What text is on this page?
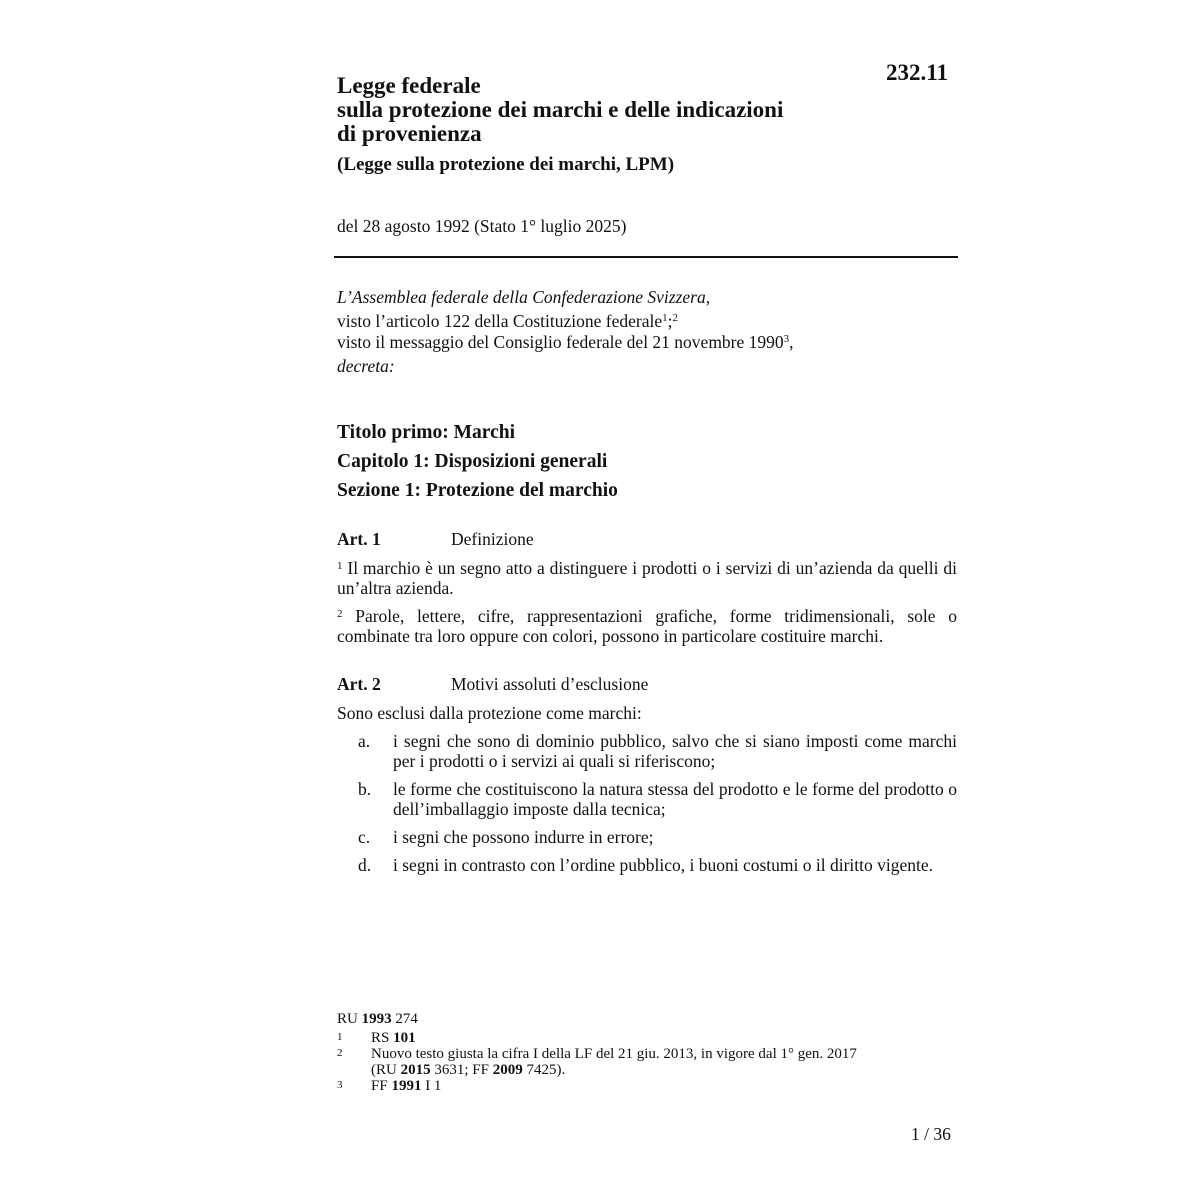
232.11
Legge federale
sulla protezione dei marchi e delle indicazioni
di provenienza
(Legge sulla protezione dei marchi, LPM)
del 28 agosto 1992 (Stato 1° luglio 2025)
L’Assemblea federale della Confederazione Svizzera,
visto l’articolo 122 della Costituzione federale$^1$;$^2$
visto il messaggio del Consiglio federale del 21 novembre 1990$^3$,
decreta:
Titolo primo: Marchi
Capitolo 1: Disposizioni generali
Sezione 1: Protezione del marchio
Art. 1	Definizione
$^1$ Il marchio è un segno atto a distinguere i prodotti o i servizi di un’azienda da quelli di un’altra azienda.
$^2$ Parole, lettere, cifre, rappresentazioni grafiche, forme tridimensionali, sole o combinate tra loro oppure con colori, possono in particolare costituire marchi.
Art. 2	Motivi assoluti d’esclusione
Sono esclusi dalla protezione come marchi:
a.	i segni che sono di dominio pubblico, salvo che si siano imposti come marchi per i prodotti o i servizi ai quali si riferiscono;
b.	le forme che costituiscono la natura stessa del prodotto e le forme del prodotto o dell’imballaggio imposte dalla tecnica;
c.	i segni che possono indurre in errore;
d.	i segni in contrasto con l’ordine pubblico, i buoni costumi o il diritto vigente.
RU 1993 274
1	RS 101
2	Nuovo testo giusta la cifra I della LF del 21 giu. 2013, in vigore dal 1° gen. 2017
(RU 2015 3631; FF 2009 7425).
3	FF 1991 I 1
1 / 36
